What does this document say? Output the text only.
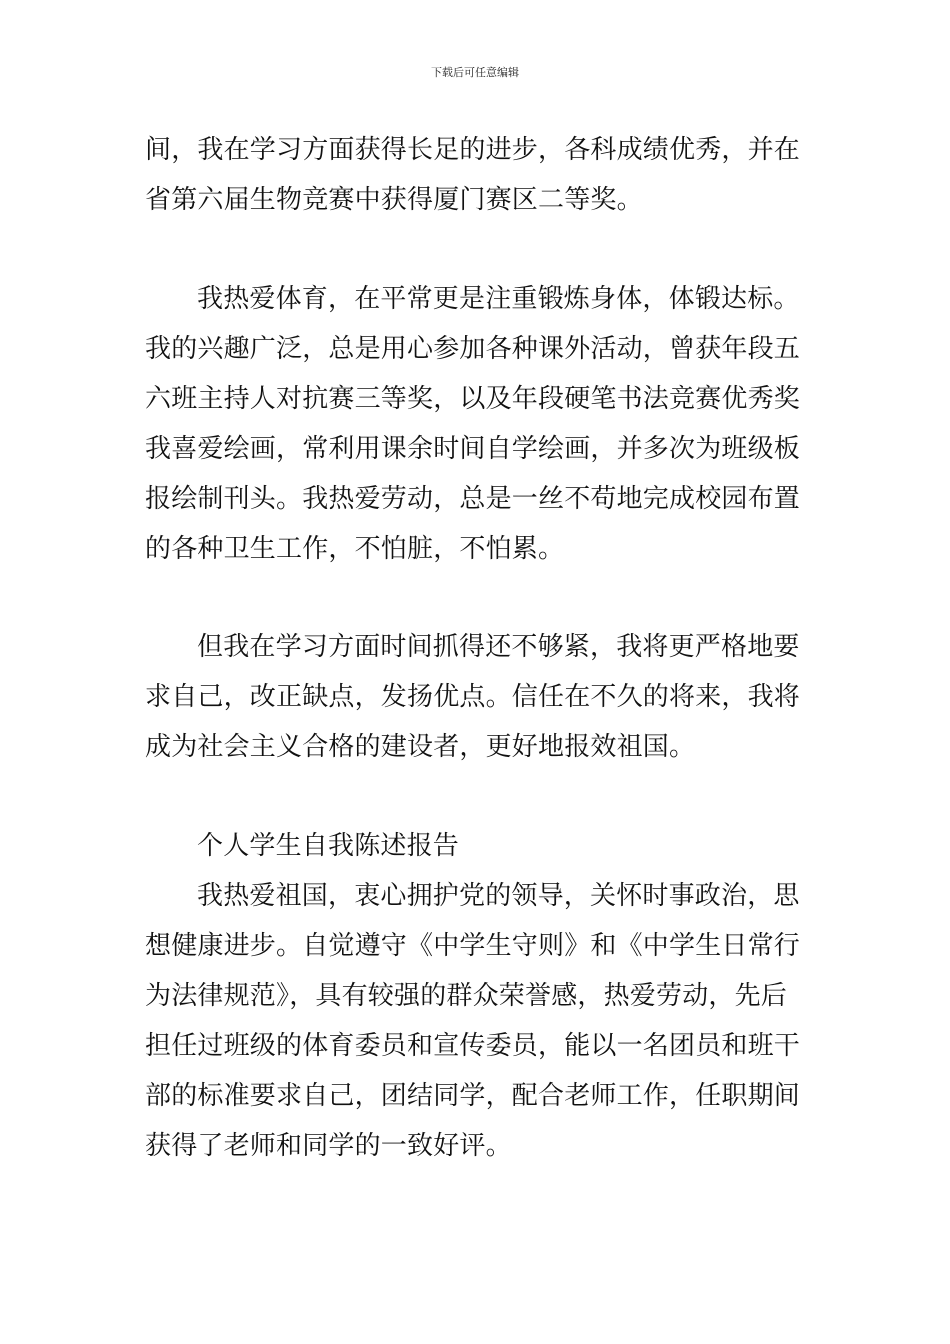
下载后可任意编辑
间，我在学习方面获得长足的进步，各科成绩优秀，并在
省第六届生物竞赛中获得厦门赛区二等奖。
我热爱体育，在平常更是注重锻炼身体，体锻达标。
我的兴趣广泛，总是用心参加各种课外活动，曾获年段五
六班主持人对抗赛三等奖，以及年段硬笔书法竞赛优秀奖
我喜爱绘画，常利用课余时间自学绘画，并多次为班级板
报绘制刊头。我热爱劳动，总是一丝不苟地完成校园布置
的各种卫生工作，不怕脏，不怕累。
但我在学习方面时间抓得还不够紧，我将更严格地要
求自己，改正缺点，发扬优点。信任在不久的将来，我将
成为社会主义合格的建设者，更好地报效祖国。
个人学生自我陈述报告
我热爱祖国，衷心拥护党的领导，关怀时事政治，思
想健康进步。自觉遵守《中学生守则》和《中学生日常行
为法律规范》，具有较强的群众荣誉感，热爱劳动，先后
担任过班级的体育委员和宣传委员，能以一名团员和班干
部的标准要求自己，团结同学，配合老师工作，任职期间
获得了老师和同学的一致好评。
